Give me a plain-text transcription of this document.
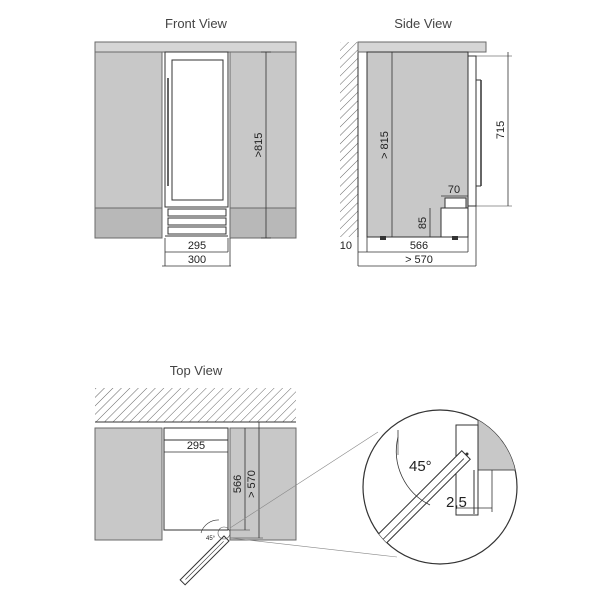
Front View
>815
295
300
Side View
715
> 815
70
85
10	566
> 570
Top View
295
45°
566 > 570
45°
2,5
